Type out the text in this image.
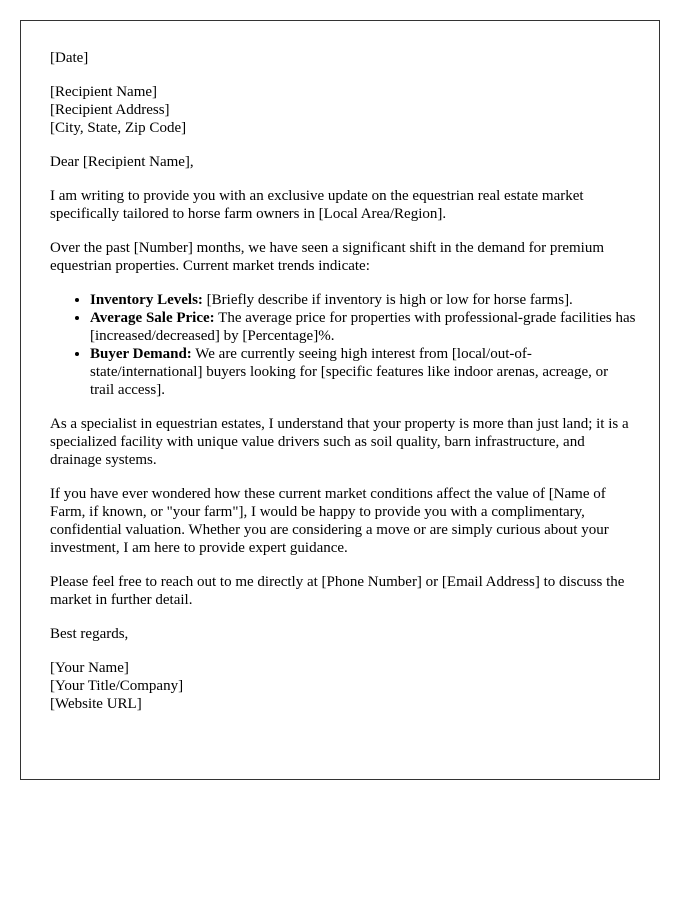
[Date]
[Recipient Name]
[Recipient Address]
[City, State, Zip Code]

Dear [Recipient Name],

I am writing to provide you with an exclusive update on the equestrian real estate market specifically tailored to horse farm owners in [Local Area/Region].

Over the past [Number] months, we have seen a significant shift in the demand for premium equestrian properties. Current market trends indicate:

• Inventory Levels: [Briefly describe if inventory is high or low for horse farms].
• Average Sale Price: The average price for properties with professional-grade facilities has [increased/decreased] by [Percentage]%.
• Buyer Demand: We are currently seeing high interest from [local/out-of-state/international] buyers looking for [specific features like indoor arenas, acreage, or trail access].

As a specialist in equestrian estates, I understand that your property is more than just land; it is a specialized facility with unique value drivers such as soil quality, barn infrastructure, and drainage systems.

If you have ever wondered how these current market conditions affect the value of [Name of Farm, if known, or "your farm"], I would be happy to provide you with a complimentary, confidential valuation. Whether you are considering a move or are simply curious about your investment, I am here to provide expert guidance.

Please feel free to reach out to me directly at [Phone Number] or [Email Address] to discuss the market in further detail.

Best regards,

[Your Name]
[Your Title/Company]
[Website URL]
